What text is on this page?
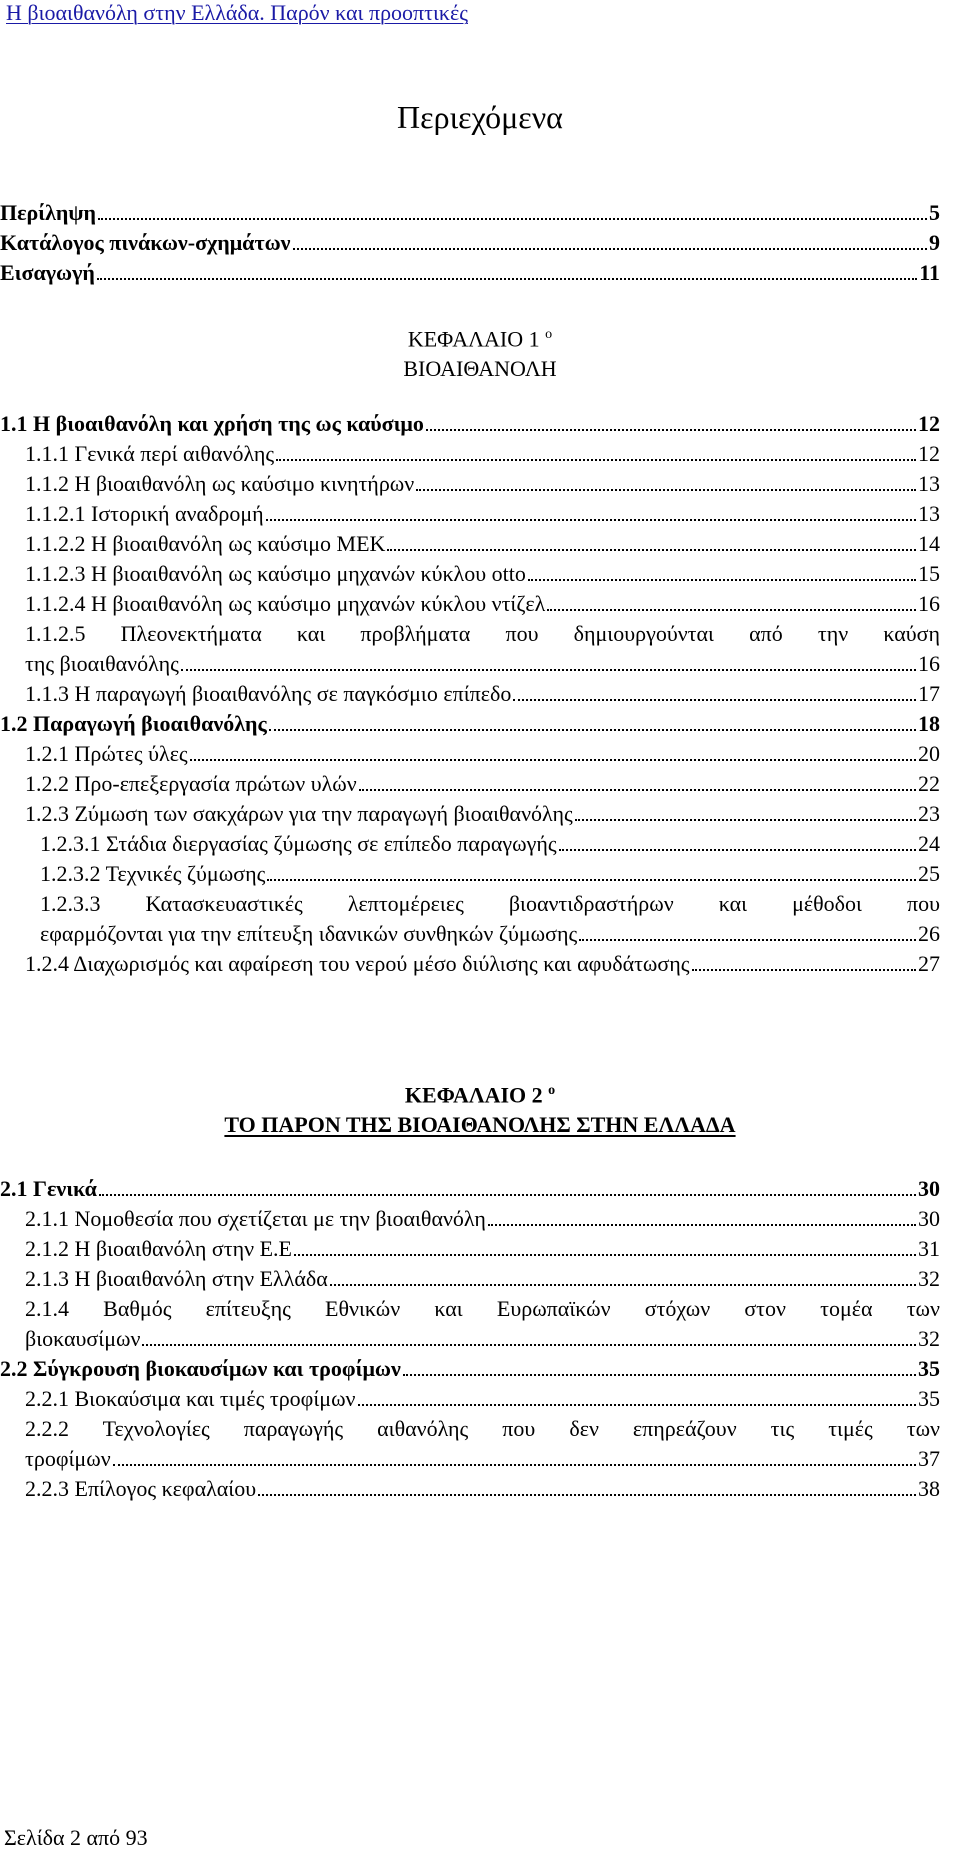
Η βιοαιθανόλη στην Ελλάδα. Παρόν και προοπτικές
Περιεχόμενα
Περίληψη	5
Κατάλογος πινάκων-σχημάτων	9
Εισαγωγή	11
ΚΕΦΑΛΑΙΟ 1 $^o$
ΒΙΟΑΙΘΑΝΟΛΗ
1.1 Η βιοαιθανόλη και χρήση της ως καύσιμο	12
1.1.1 Γενικά περί αιθανόλης	12
1.1.2 Η βιοαιθανόλη ως καύσιμο κινητήρων	13
1.1.2.1 Ιστορική αναδρομή	13
1.1.2.2 Η βιοαιθανόλη ως καύσιμο ΜΕΚ	14
1.1.2.3 Η βιοαιθανόλη ως καύσιμο μηχανών κύκλου otto	15
1.1.2.4 Η βιοαιθανόλη ως καύσιμο μηχανών κύκλου ντίζελ	16
1.1.2.5 Πλεονεκτήματα και προβλήματα που δημιουργούνται από την καύση
της βιοαιθανόλης	16
1.1.3 Η παραγωγή βιοαιθανόλης σε παγκόσμιο επίπεδο	17
1.2 Παραγωγή βιοαιθανόλης	18
1.2.1 Πρώτες ύλες	20
1.2.2 Προ-επεξεργασία πρώτων υλών	22
1.2.3 Ζύμωση των σακχάρων για την παραγωγή βιοαιθανόλης	23
1.2.3.1 Στάδια διεργασίας ζύμωσης σε επίπεδο παραγωγής	24
1.2.3.2 Τεχνικές ζύμωσης	25
1.2.3.3 Κατασκευαστικές λεπτομέρειες βιοαντιδραστήρων και μέθοδοι που
εφαρμόζονται για την επίτευξη ιδανικών συνθηκών ζύμωσης	26
1.2.4 Διαχωρισμός και αφαίρεση του νερού μέσο διύλισης και αφυδάτωσης	27
ΚΕΦΑΛΑΙΟ 2 $^o$
ΤΟ ΠΑΡΟΝ ΤΗΣ ΒΙΟΑΙΘΑΝΟΛΗΣ ΣΤΗΝ ΕΛΛΑΔΑ
2.1 Γενικά	30
2.1.1 Νομοθεσία που σχετίζεται με την βιοαιθανόλη	30
2.1.2 Η βιοαιθανόλη στην Ε.Ε	31
2.1.3 Η βιοαιθανόλη στην Ελλάδα	32
2.1.4 Βαθμός επίτευξης Εθνικών και Ευρωπαϊκών στόχων στον τομέα των
βιοκαυσίμων	32
2.2 Σύγκρουση βιοκαυσίμων και τροφίμων	35
2.2.1 Βιοκαύσιμα και τιμές τροφίμων	35
2.2.2 Τεχνολογίες παραγωγής αιθανόλης που δεν επηρεάζουν τις τιμές των
τροφίμων	37
2.2.3 Επίλογος κεφαλαίου	38
Σελίδα 2 από 93
